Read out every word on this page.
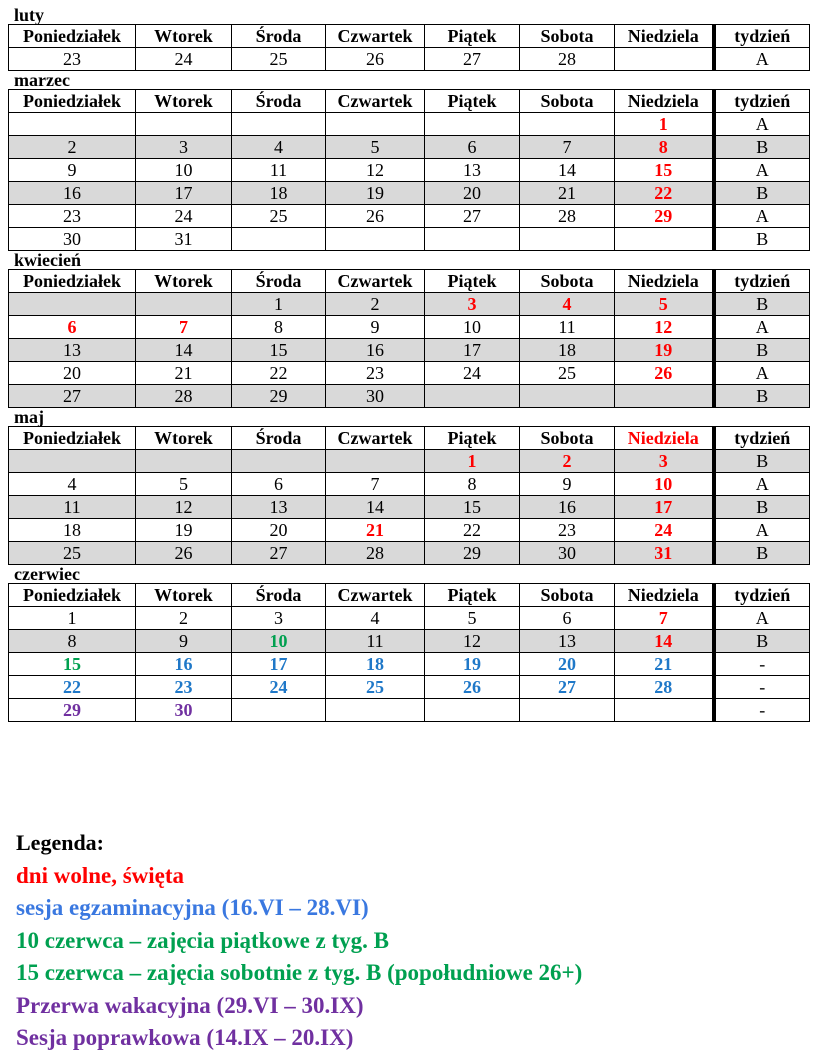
luty
Poniedziałek	Wtorek	Środa	Czwartek	Piątek	Sobota	Niedziela	tydzień
23	24	25	26	27	28		A
marzec
Poniedziałek	Wtorek	Środa	Czwartek	Piątek	Sobota	Niedziela	tydzień
						1	A
2	3	4	5	6	7	8	B
9	10	11	12	13	14	15	A
16	17	18	19	20	21	22	B
23	24	25	26	27	28	29	A
30	31						B
kwiecień
Poniedziałek	Wtorek	Środa	Czwartek	Piątek	Sobota	Niedziela	tydzień
		1	2	3	4	5	B
6	7	8	9	10	11	12	A
13	14	15	16	17	18	19	B
20	21	22	23	24	25	26	A
27	28	29	30				B
maj
Poniedziałek	Wtorek	Środa	Czwartek	Piątek	Sobota	Niedziela	tydzień
				1	2	3	B
4	5	6	7	8	9	10	A
11	12	13	14	15	16	17	B
18	19	20	21	22	23	24	A
25	26	27	28	29	30	31	B
czerwiec
Poniedziałek	Wtorek	Środa	Czwartek	Piątek	Sobota	Niedziela	tydzień
1	2	3	4	5	6	7	A
8	9	10	11	12	13	14	B
15	16	17	18	19	20	21	-
22	23	24	25	26	27	28	-
29	30						-
Legenda:
dni wolne, święta
sesja egzaminacyjna (16.VI – 28.VI)
10 czerwca – zajęcia piątkowe z tyg. B
15 czerwca – zajęcia sobotnie z tyg. B (popołudniowe 26+)
Przerwa wakacyjna (29.VI – 30.IX)
Sesja poprawkowa (14.IX – 20.IX)
